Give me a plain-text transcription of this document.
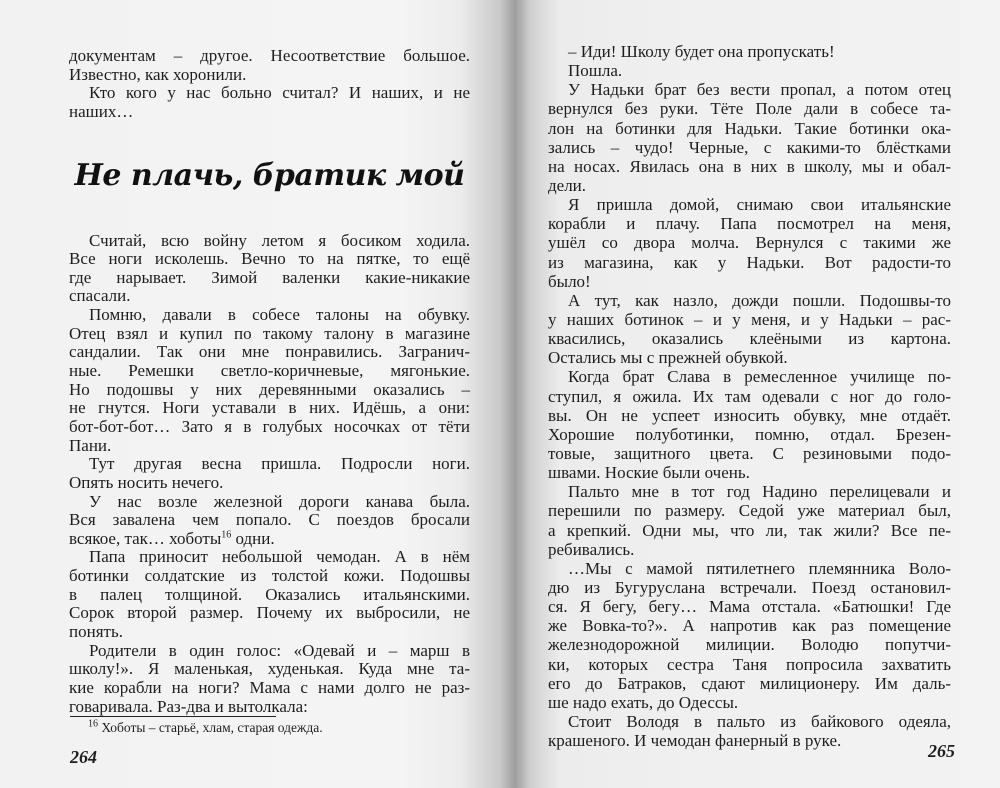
документам – другое. Несоответствие большое.
Известно, как хоронили.
Кто кого у нас больно считал? И наших, и не
наших…
Не плачь, братик мой
Считай, всю войну летом я босиком ходила.
Все ноги исколешь. Вечно то на пятке, то ещё
где нарывает. Зимой валенки какие-никакие
спасали.
Помню, давали в собесе талоны на обувку.
Отец взял и купил по такому талону в магазине
сандалии. Так они мне понравились. Загранич-
ные. Ремешки светло-коричневые, мягонькие.
Но подошвы у них деревянными оказались –
не гнутся. Ноги уставали в них. Идёшь, а они:
бот-бот-бот… Зато я в голубых носочках от тёти
Пани.
Тут другая весна пришла. Подросли ноги.
Опять носить нечего.
У нас возле железной дороги канава была.
Вся завалена чем попало. С поездов бросали
всякое, так… хоботы$^{16}$ одни.
Папа приносит небольшой чемодан. А в нём
ботинки солдатские из толстой кожи. Подошвы
в палец толщиной. Оказались итальянскими.
Сорок второй размер. Почему их выбросили, не
понять.
Родители в один голос: «Одевай и – марш в
школу!». Я маленькая, худенькая. Куда мне та-
кие корабли на ноги? Мама с нами долго не раз-
говаривала. Раз-два и вытолкала:
$^{16}$ Хоботы – старьё, хлам, старая одежда.
264
– Иди! Школу будет она пропускать!
Пошла.
У Надьки брат без вести пропал, а потом отец
вернулся без руки. Тёте Поле дали в собесе та-
лон на ботинки для Надьки. Такие ботинки ока-
зались – чудо! Черные, с какими-то блёстками
на носах. Явилась она в них в школу, мы и обал-
дели.
Я пришла домой, снимаю свои итальянские
корабли и плачу. Папа посмотрел на меня,
ушёл со двора молча. Вернулся с такими же
из магазина, как у Надьки. Вот радости-то
было!
А тут, как назло, дожди пошли. Подошвы-то
у наших ботинок – и у меня, и у Надьки – рас-
квасились, оказались клеёными из картона.
Остались мы с прежней обувкой.
Когда брат Слава в ремесленное училище по-
ступил, я ожила. Их там одевали с ног до голо-
вы. Он не успеет износить обувку, мне отдаёт.
Хорошие полуботинки, помню, отдал. Брезен-
товые, защитного цвета. С резиновыми подо-
швами. Ноские были очень.
Пальто мне в тот год Надино перелицевали и
перешили по размеру. Седой уже материал был,
а крепкий. Одни мы, что ли, так жили? Все пе-
ребивались.
…Мы с мамой пятилетнего племянника Воло-
дю из Бугуруслана встречали. Поезд остановил-
ся. Я бегу, бегу… Мама отстала. «Батюшки! Где
же Вовка-то?». А напротив как раз помещение
железнодорожной милиции. Володю попутчи-
ки, которых сестра Таня попросила захватить
его до Батраков, сдают милиционеру. Им даль-
ше надо ехать, до Одессы.
Стоит Володя в пальто из байкового одеяла,
крашеного. И чемодан фанерный в руке.
265
